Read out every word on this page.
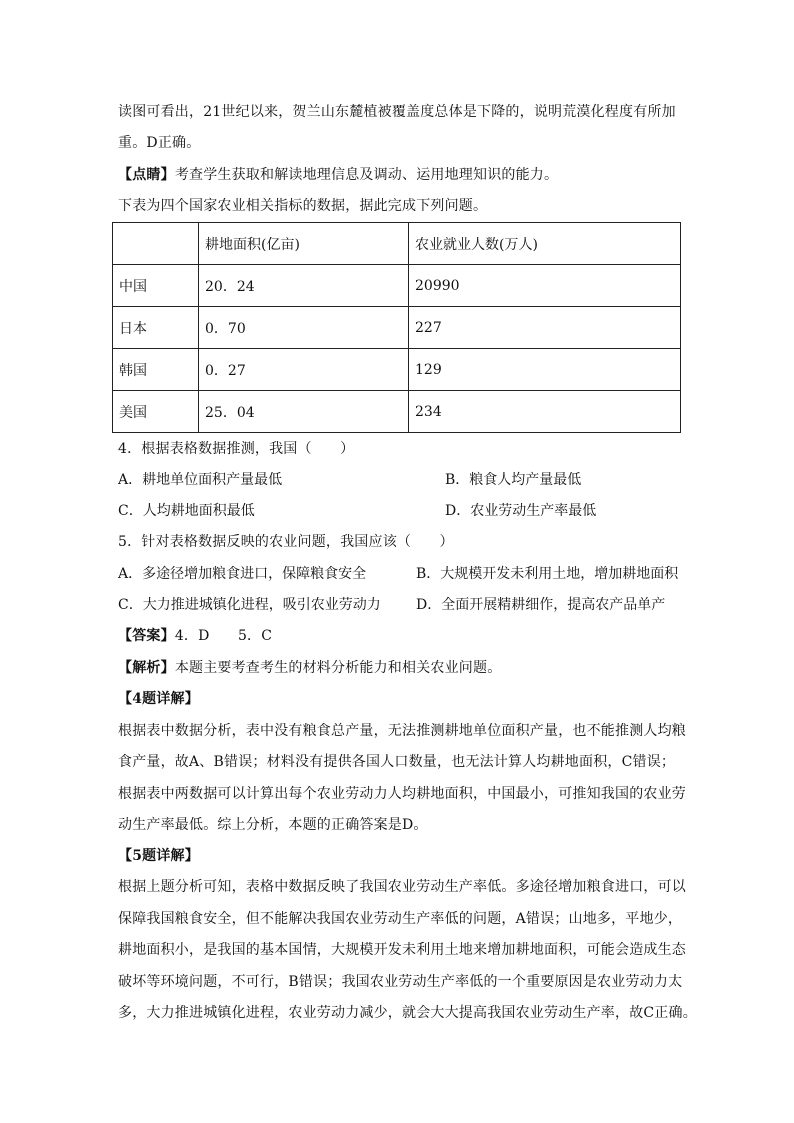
读图可看出，21世纪以来，贺兰山东麓植被覆盖度总体是下降的，说明荒漠化程度有所加
重。D正确。
【点睛】考查学生获取和解读地理信息及调动、运用地理知识的能力。
下表为四个国家农业相关指标的数据，据此完成下列问题。
	耕地面积(亿亩)	农业就业人数(万人)
中国	20．24	20990
日本	0．70	227
韩国	0．27	129
美国	25．04	234
4．根据表格数据推测，我国（　　）
A．耕地单位面积产量最低	B．粮食人均产量最低
C．人均耕地面积最低	D．农业劳动生产率最低
5．针对表格数据反映的农业问题，我国应该（　　）
A．多途径增加粮食进口，保障粮食安全	B．大规模开发未利用土地，增加耕地面积
C．大力推进城镇化进程，吸引农业劳动力	D．全面开展精耕细作，提高农产品单产
【答案】4．D　　5．C
【解析】本题主要考查考生的材料分析能力和相关农业问题。
【4题详解】
根据表中数据分析，表中没有粮食总产量，无法推测耕地单位面积产量，也不能推测人均粮
食产量，故A、B错误；材料没有提供各国人口数量，也无法计算人均耕地面积，C错误；
根据表中两数据可以计算出每个农业劳动力人均耕地面积，中国最小，可推知我国的农业劳
动生产率最低。综上分析，本题的正确答案是D。
【5题详解】
根据上题分析可知，表格中数据反映了我国农业劳动生产率低。多途径增加粮食进口，可以
保障我国粮食安全，但不能解决我国农业劳动生产率低的问题，A错误；山地多，平地少，
耕地面积小，是我国的基本国情，大规模开发未利用土地来增加耕地面积，可能会造成生态
破坏等环境问题，不可行，B错误；我国农业劳动生产率低的一个重要原因是农业劳动力太
多，大力推进城镇化进程，农业劳动力减少，就会大大提高我国农业劳动生产率，故C正确。
